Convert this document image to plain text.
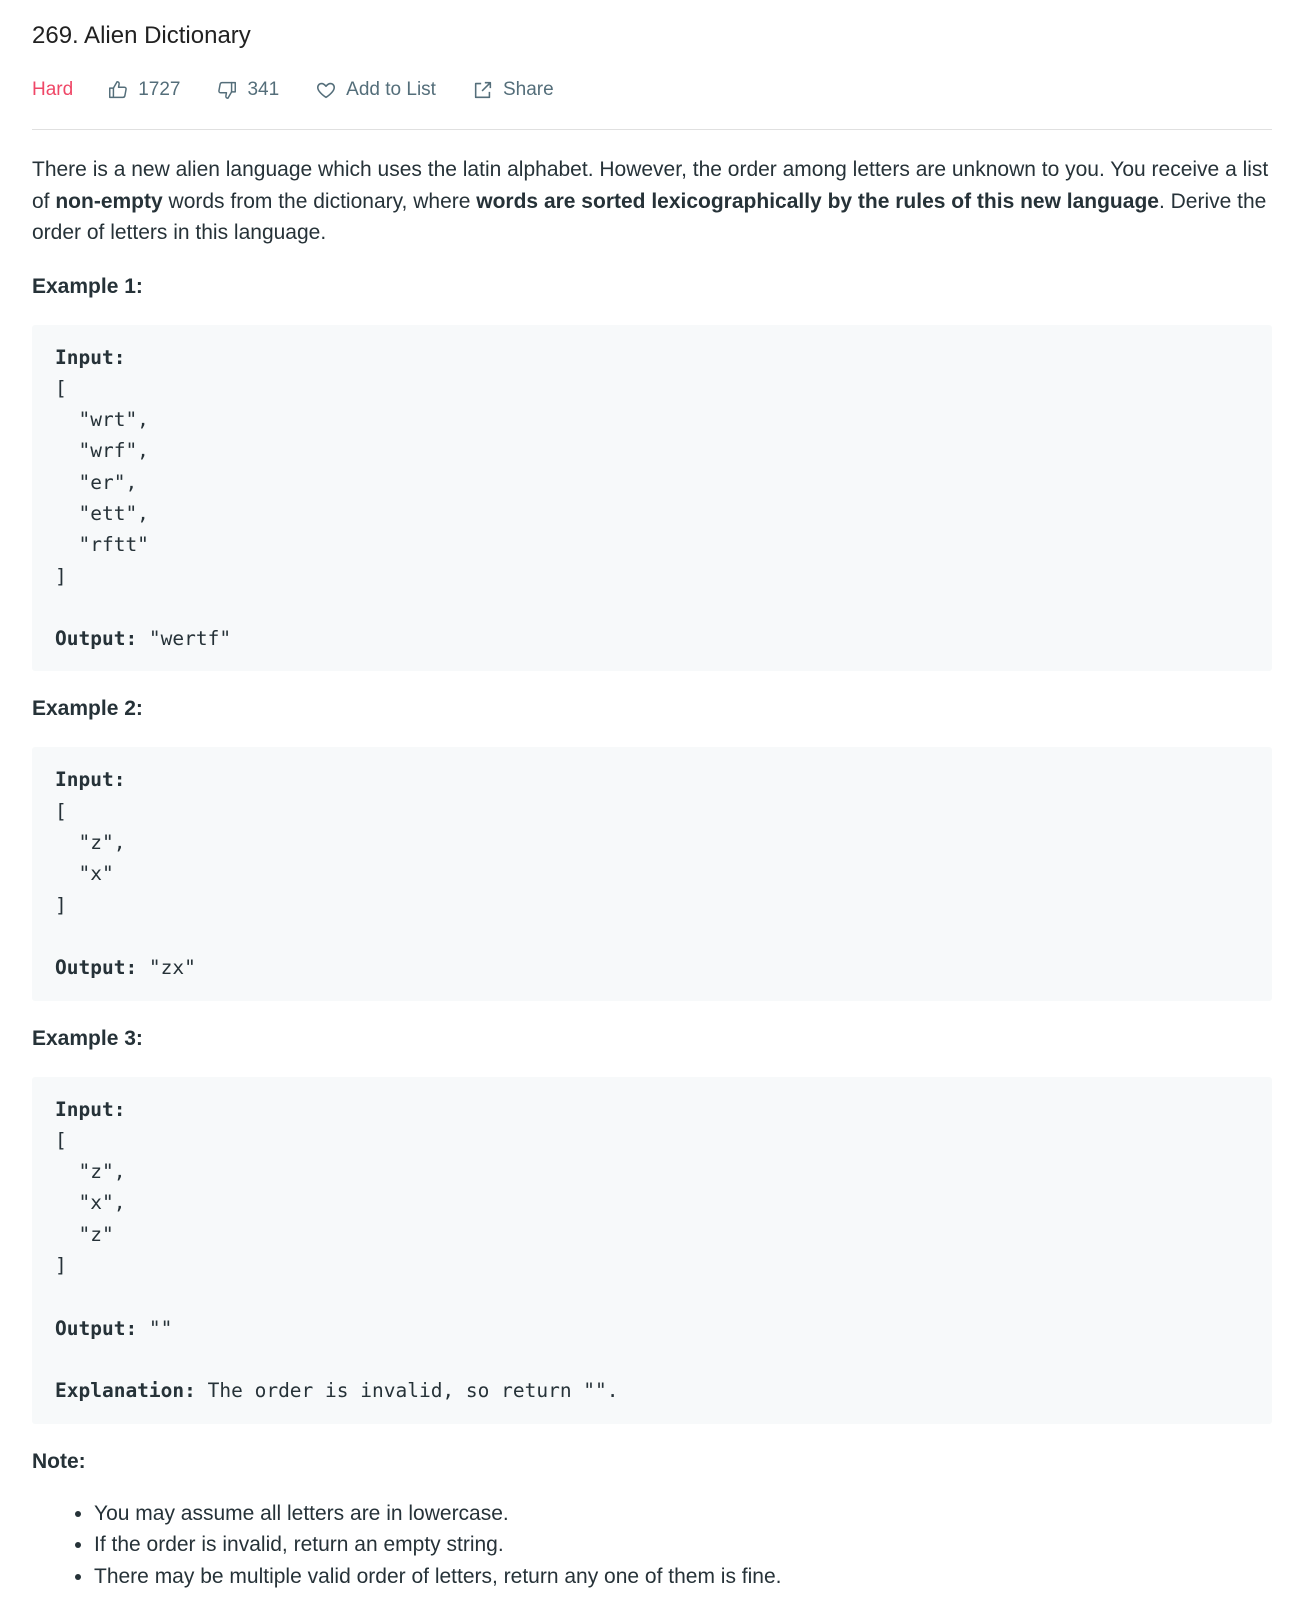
269. Alien Dictionary
Hard	1727	341	Add to List	Share

There is a new alien language which uses the latin alphabet. However, the order among letters are unknown to you. You receive a list of non-empty words from the dictionary, where words are sorted lexicographically by the rules of this new language. Derive the order of letters in this language.

Example 1:

Input:
[
"wrt",
"wrf",
"er",
"ett",
"rftt"
]

Output: "wertf"

Example 2:

Input:
[
"z",
"x"
]

Output: "zx"

Example 3:

Input:
[
"z",
"x",
"z"
]

Output: ""

Explanation: The order is invalid, so return "".

Note:

• You may assume all letters are in lowercase.
• If the order is invalid, return an empty string.
• There may be multiple valid order of letters, return any one of them is fine.
